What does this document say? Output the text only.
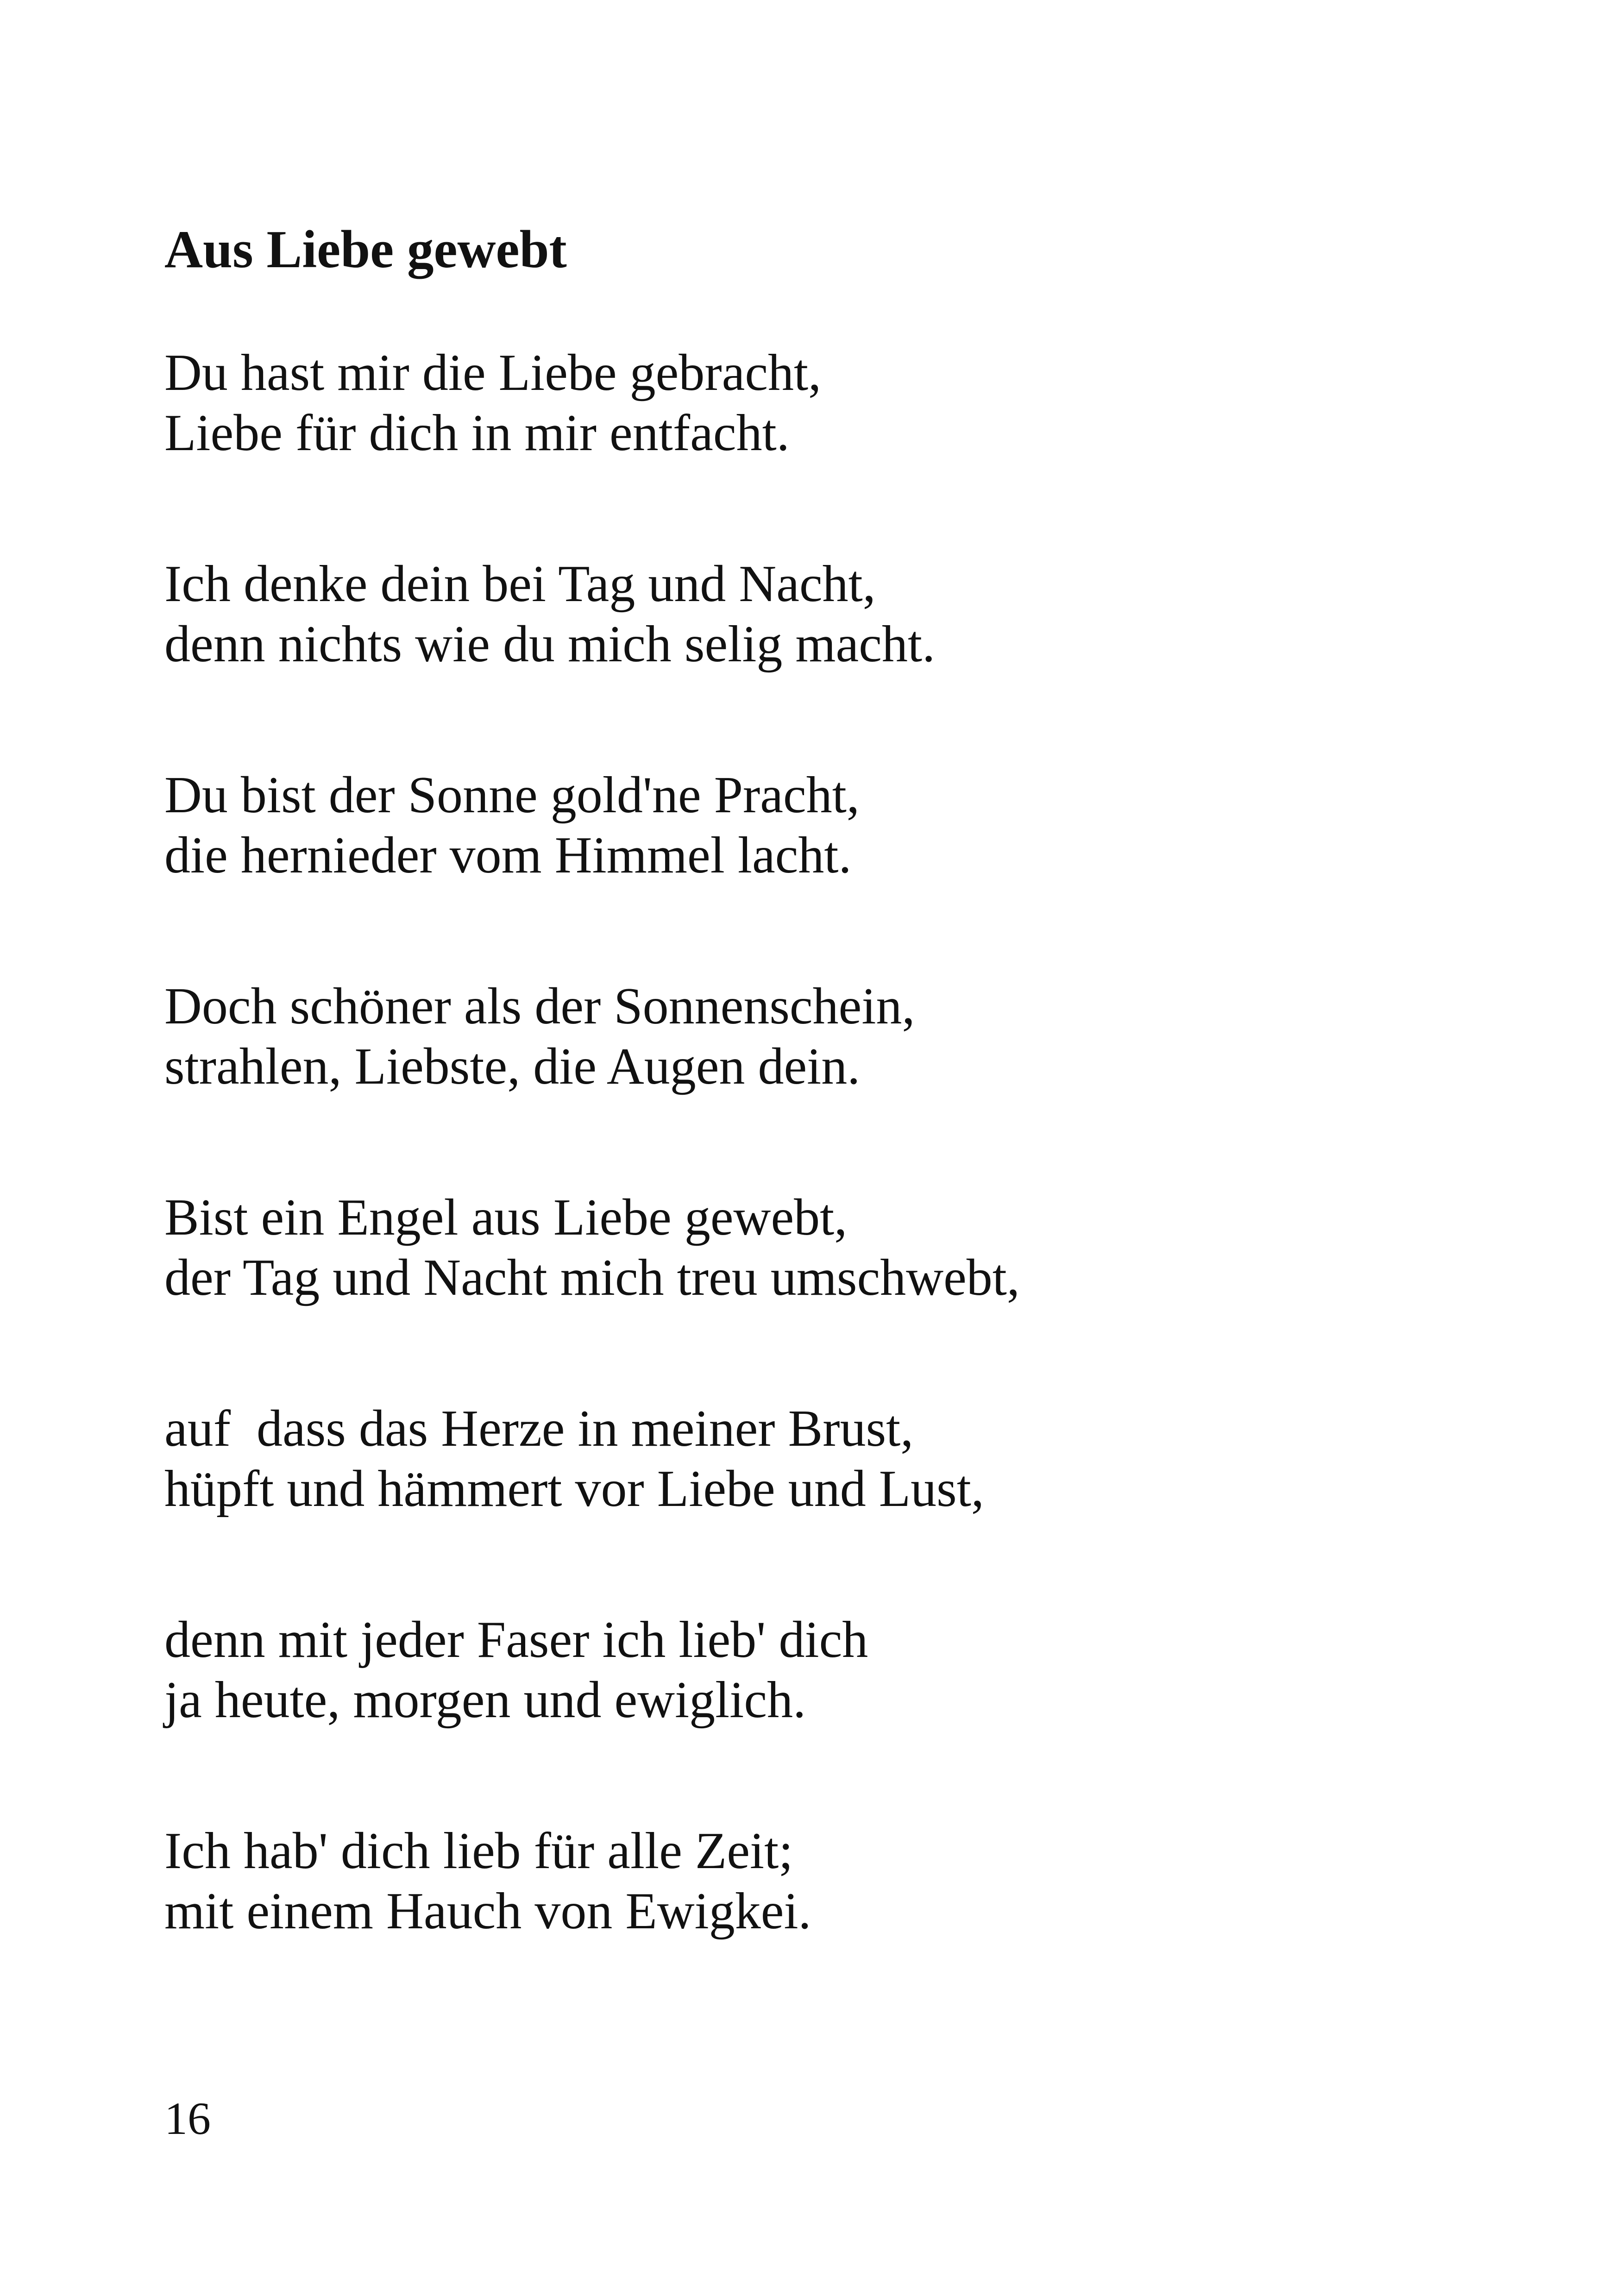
Aus Liebe gewebt
Du hast mir die Liebe gebracht,
Liebe für dich in mir entfacht.
Ich denke dein bei Tag und Nacht,
denn nichts wie du mich selig macht.
Du bist der Sonne gold'ne Pracht,
die hernieder vom Himmel lacht.
Doch schöner als der Sonnenschein,
strahlen, Liebste, die Augen dein.
Bist ein Engel aus Liebe gewebt,
der Tag und Nacht mich treu umschwebt,
auf  dass das Herze in meiner Brust,
hüpft und hämmert vor Liebe und Lust,
denn mit jeder Faser ich lieb' dich
ja heute, morgen und ewiglich.
Ich hab' dich lieb für alle Zeit;
mit einem Hauch von Ewigkei.
16
